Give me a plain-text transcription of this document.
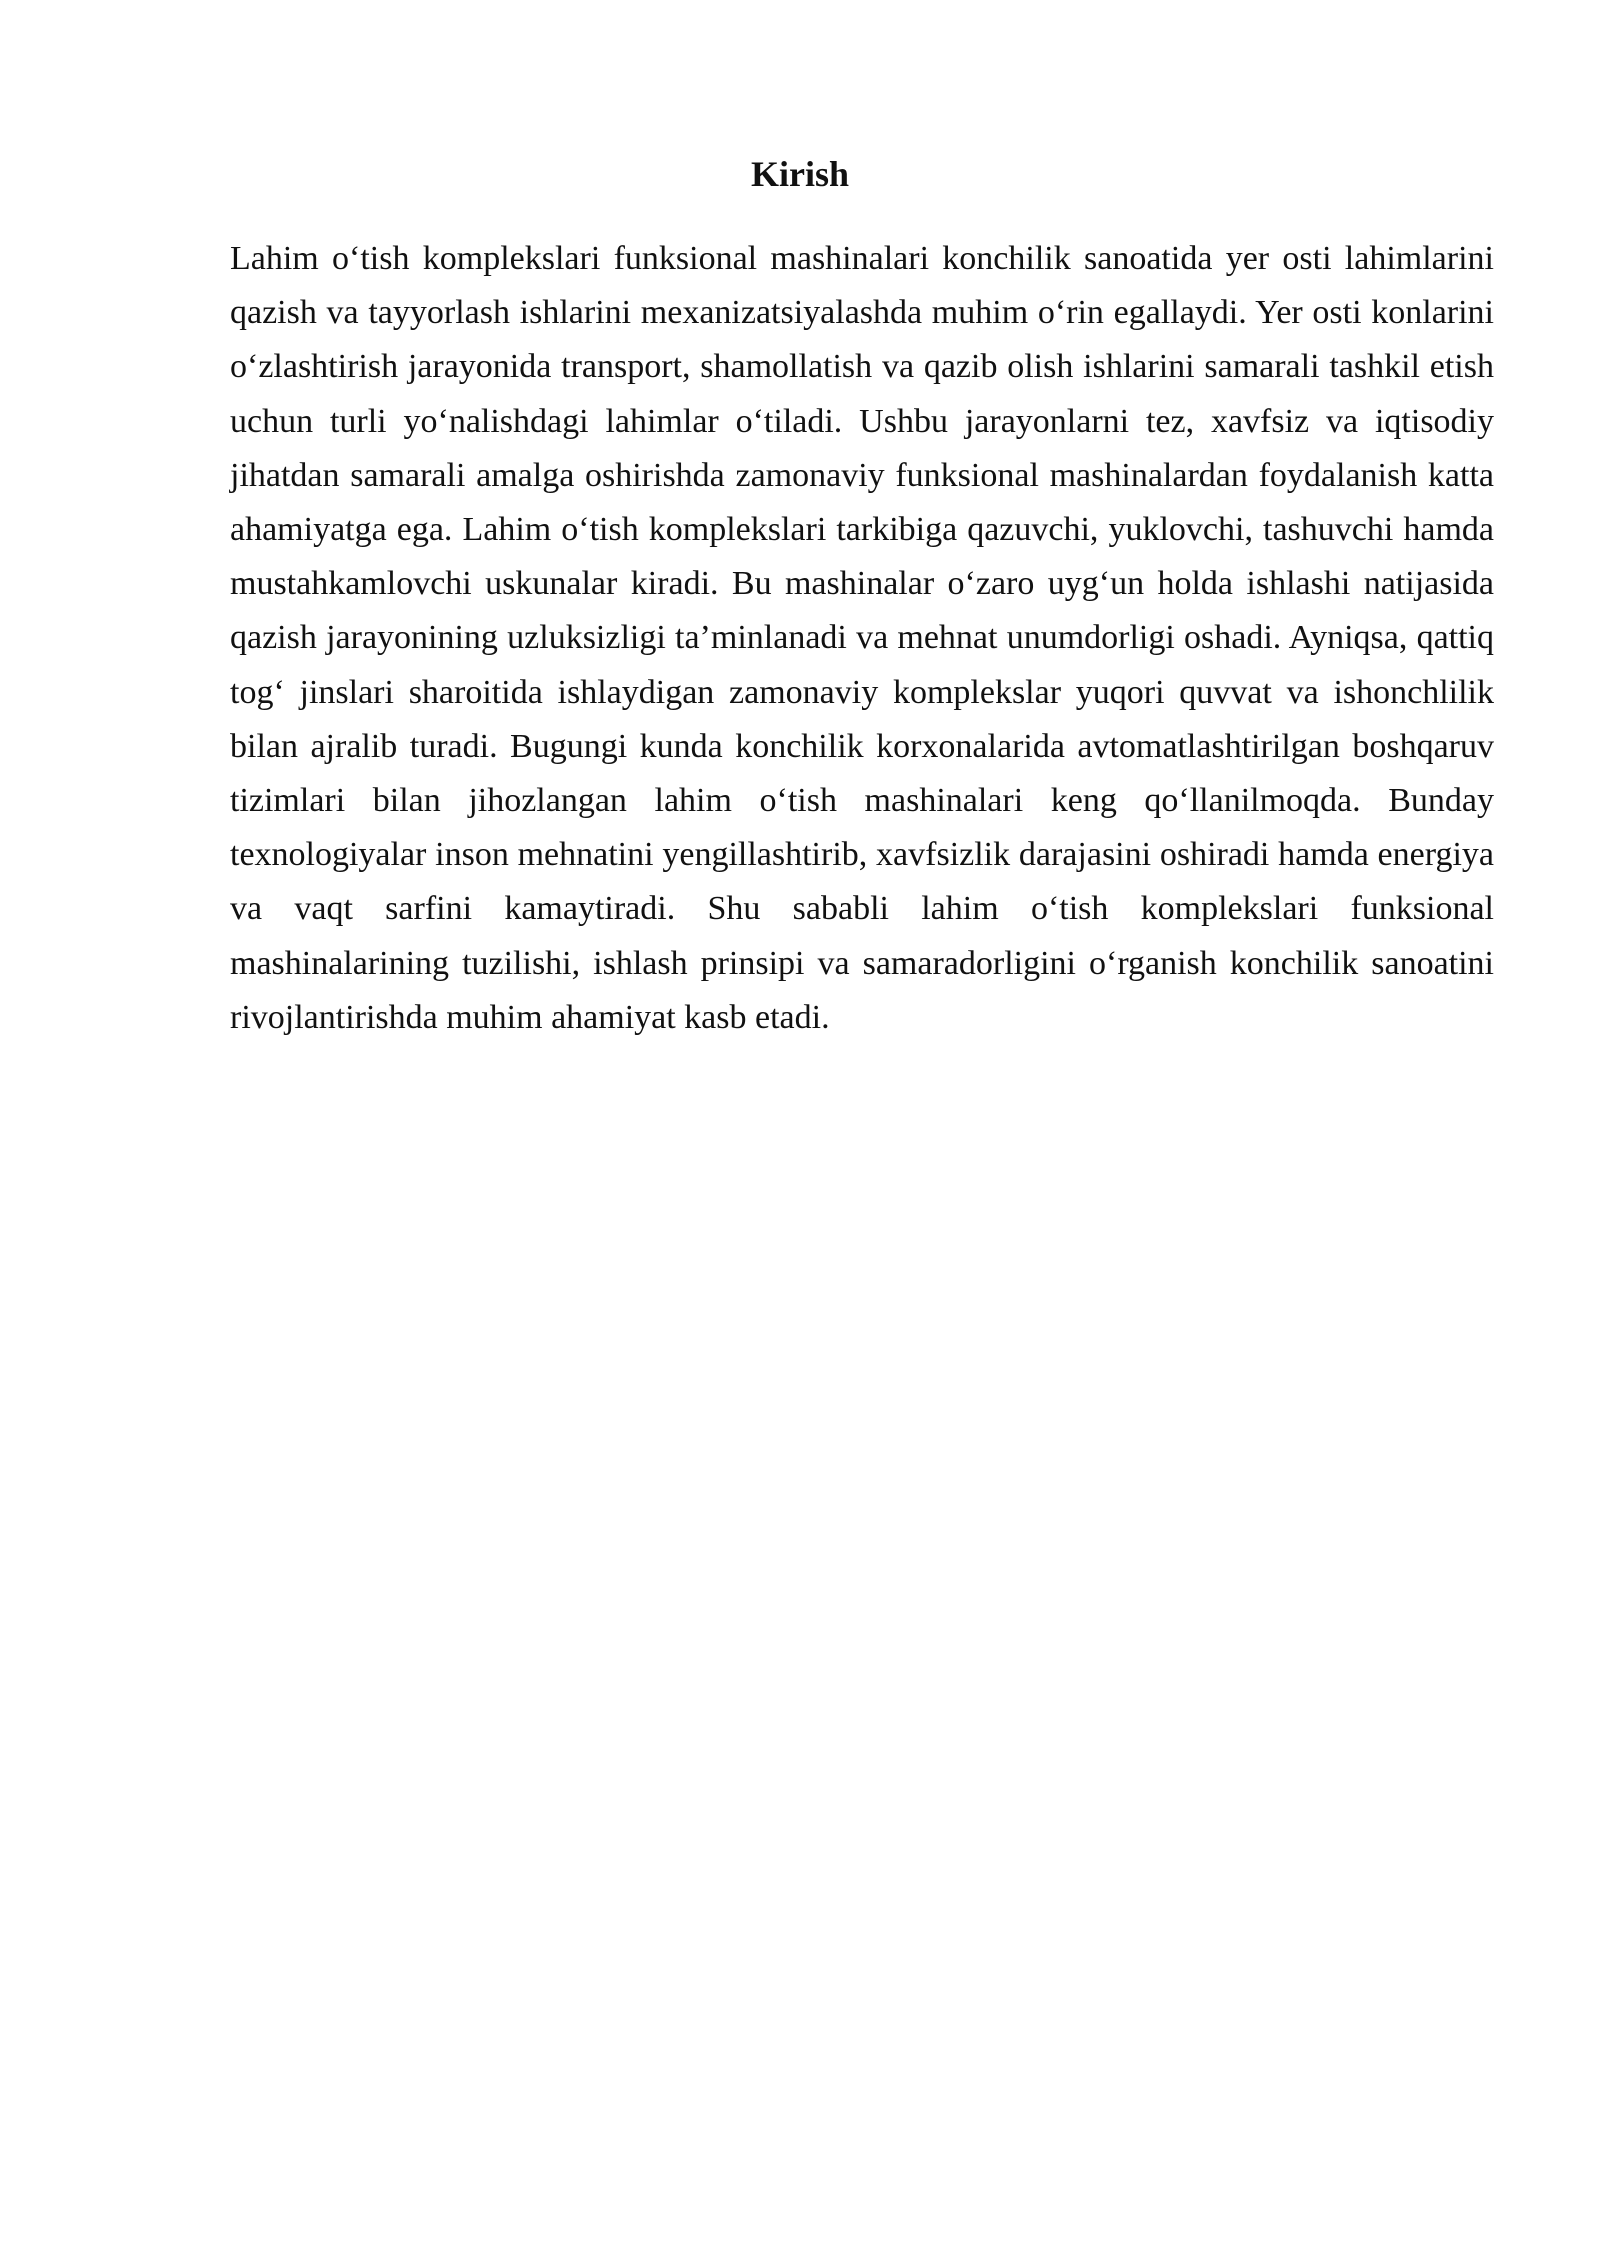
Kirish

Lahim oʻtish komplekslari funksional mashinalari konchilik sanoatida yer osti lahimlarini qazish va tayyorlash ishlarini mexanizatsiyalashda muhim oʻrin egallaydi. Yer osti konlarini oʻzlashtirish jarayonida transport, shamollatish va qazib olish ishlarini samarali tashkil etish uchun turli yoʻnalishdagi lahimlar oʻtiladi. Ushbu jarayonlarni tez, xavfsiz va iqtisodiy jihatdan samarali amalga oshirishda zamonaviy funksional mashinalardan foydalanish katta ahamiyatga ega. Lahim oʻtish komplekslari tarkibiga qazuvchi, yuklovchi, tashuvchi hamda mustahkamlovchi uskunalar kiradi. Bu mashinalar oʻzaro uygʻun holda ishlashi natijasida qazish jarayonining uzluksizligi ta’minlanadi va mehnat unumdorligi oshadi. Ayniqsa, qattiq togʻ jinslari sharoitida ishlaydigan zamonaviy komplekslar yuqori quvvat va ishonchlilik bilan ajralib turadi. Bugungi kunda konchilik korxonalarida avtomatlashtirilgan boshqaruv tizimlari bilan jihozlangan lahim oʻtish mashinalari keng qoʻllanilmoqda. Bunday texnologiyalar inson mehnatini yengillashtirib, xavfsizlik darajasini oshiradi hamda energiya va vaqt sarfini kamaytiradi. Shu sababli lahim oʻtish komplekslari funksional mashinalarining tuzilishi, ishlash prinsipi va samaradorligini oʻrganish konchilik sanoatini rivojlantirishda muhim ahamiyat kasb etadi.
